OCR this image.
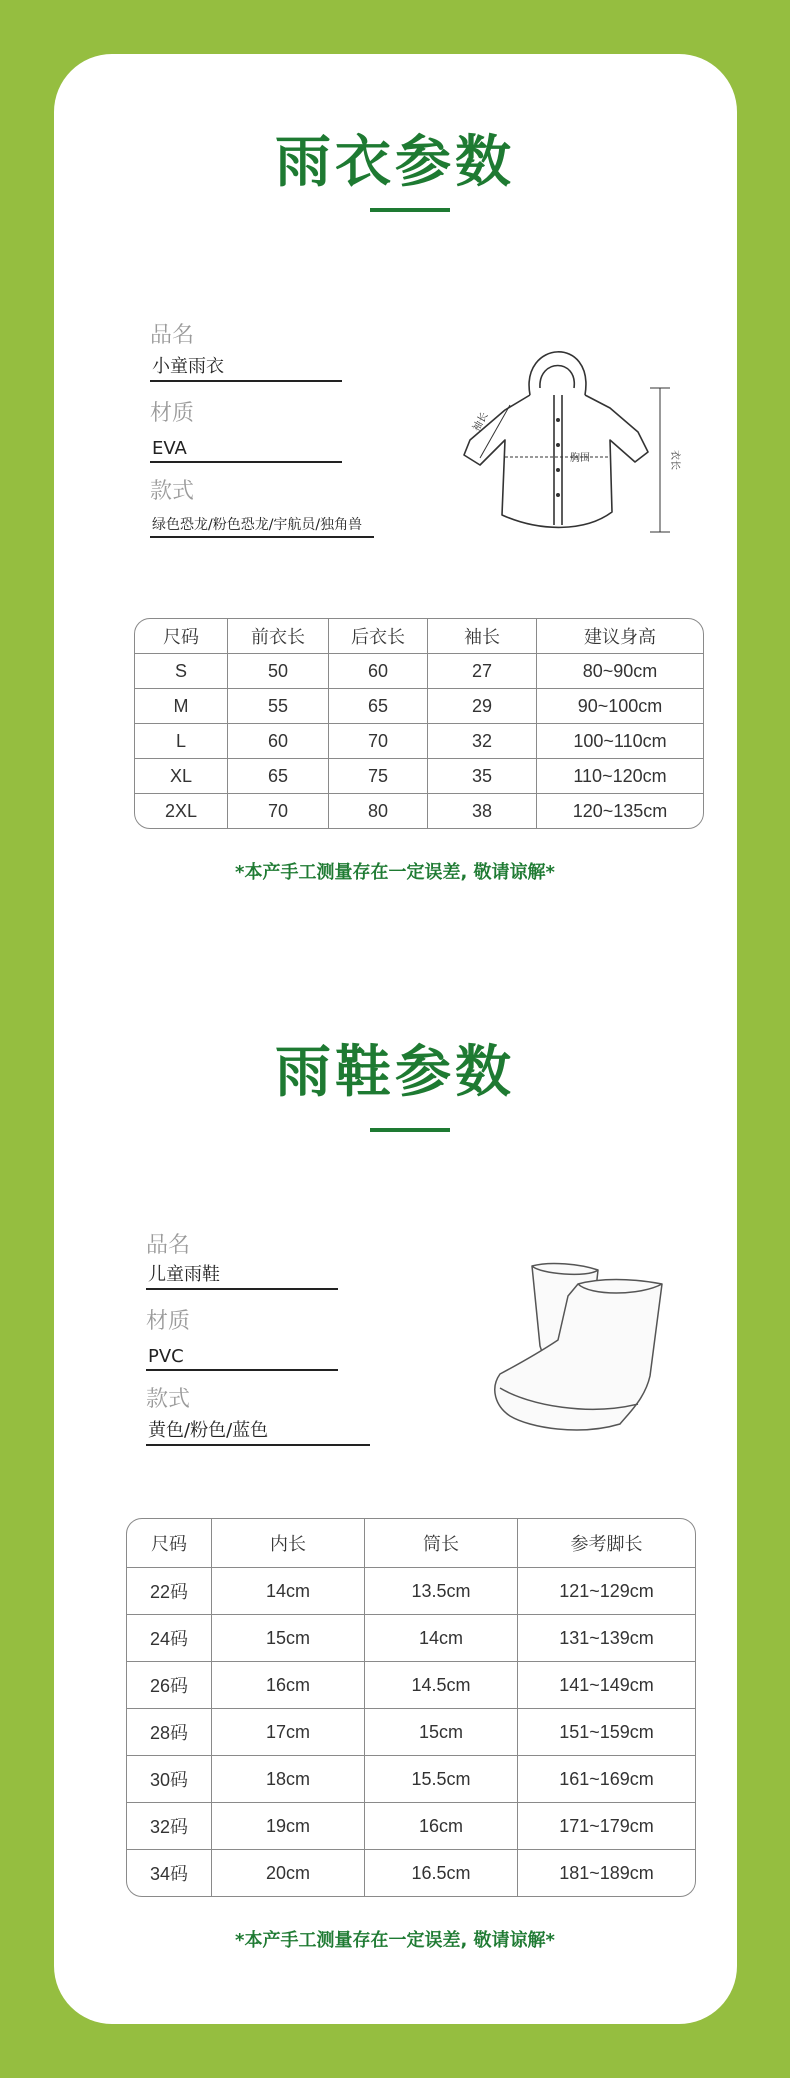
雨衣参数
品名
小童雨衣
材质
EVA
款式
绿色恐龙/粉色恐龙/宇航员/独角兽
袖长
胸围	衣长
尺码	前衣长	后衣长	袖长	建议身高
S	50	60	27	80~90cm
M	55	65	29	90~100cm
L	60	70	32	100~110cm
XL	65	75	35	110~120cm
2XL	70	80	38	120~135cm
*本产手工测量存在一定误差, 敬请谅解*
雨鞋参数
品名
儿童雨鞋
材质
PVC
款式
黄色/粉色/蓝色
尺码	内长	筒长	参考脚长
22码	14cm	13.5cm	121~129cm
24码	15cm	14cm	131~139cm
26码	16cm	14.5cm	141~149cm
28码	17cm	15cm	151~159cm
30码	18cm	15.5cm	161~169cm
32码	19cm	16cm	171~179cm
34码	20cm	16.5cm	181~189cm
*本产手工测量存在一定误差, 敬请谅解*
